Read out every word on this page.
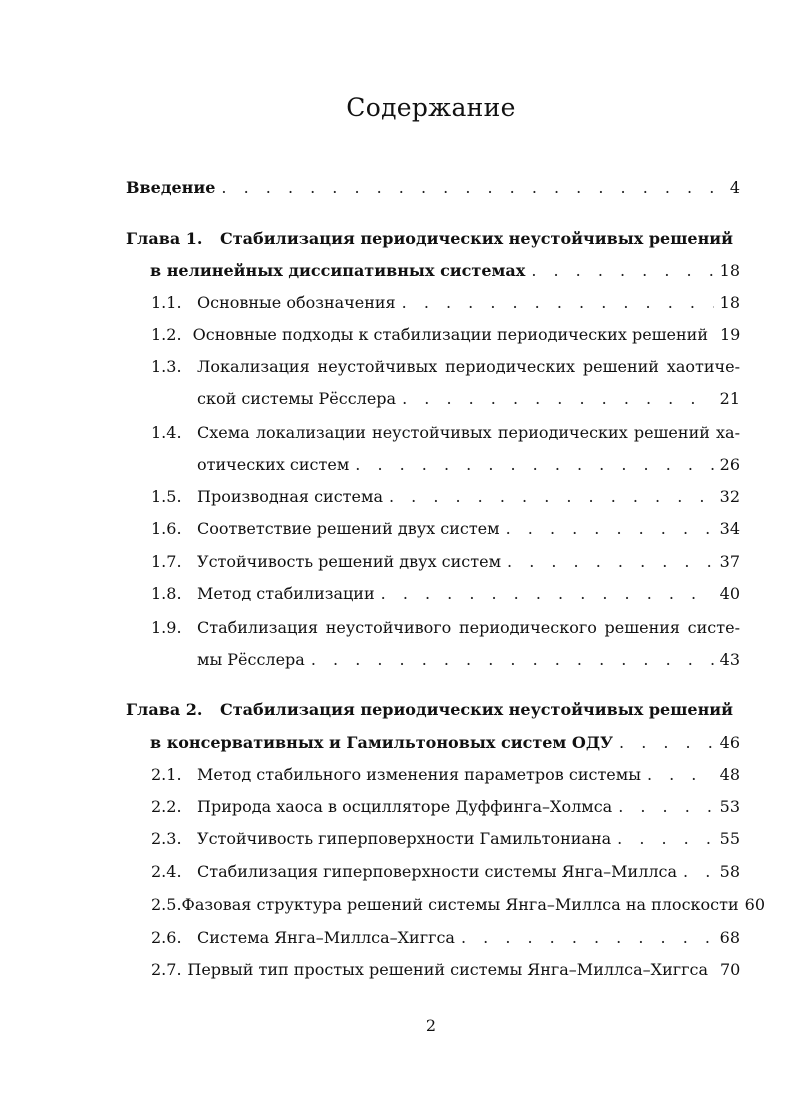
Содержание
Введение . . .	4
Глава 1.	Стабилизация периодических неустойчивых решений
в нелинейных диссипативных системах . . .	18
1.1. Основные обозначения . . .	18
1.2. Основные подходы к стабилизации периодических решений 19
1.3. Локализация неустойчивых периодических решений хаотиче-
ской системы Рёсслера . . .	21
1.4. Схема локализации неустойчивых периодических решений ха-
отических систем . . .	26
1.5. Производная система . . .	32
1.6. Соответствие решений двух систем . . .	34
1.7. Устойчивость решений двух систем . . .	37
1.8. Метод стабилизации . . .	40
1.9. Стабилизация неустойчивого периодического решения систе-
мы Рёсслера . . .	43
Глава 2.	Стабилизация периодических неустойчивых решений
в консервативных и Гамильтоновых систем ОДУ . . .	46
2.1. Метод стабильного изменения параметров системы . . .	48
2.2. Природа хаоса в осцилляторе Дуффинга–Холмса . . .	53
2.3. Устойчивость гиперповерхности Гамильтониана . . .	55
2.4. Стабилизация гиперповерхности системы Янга–Миллса . . .	58
2.5. Фазовая структура решений системы Янга–Миллса на плоскости 60
2.6. Система Янга–Миллса–Хиггса . . .	68
2.7. Первый тип простых решений системы Янга–Миллса–Хиггса 70
2
